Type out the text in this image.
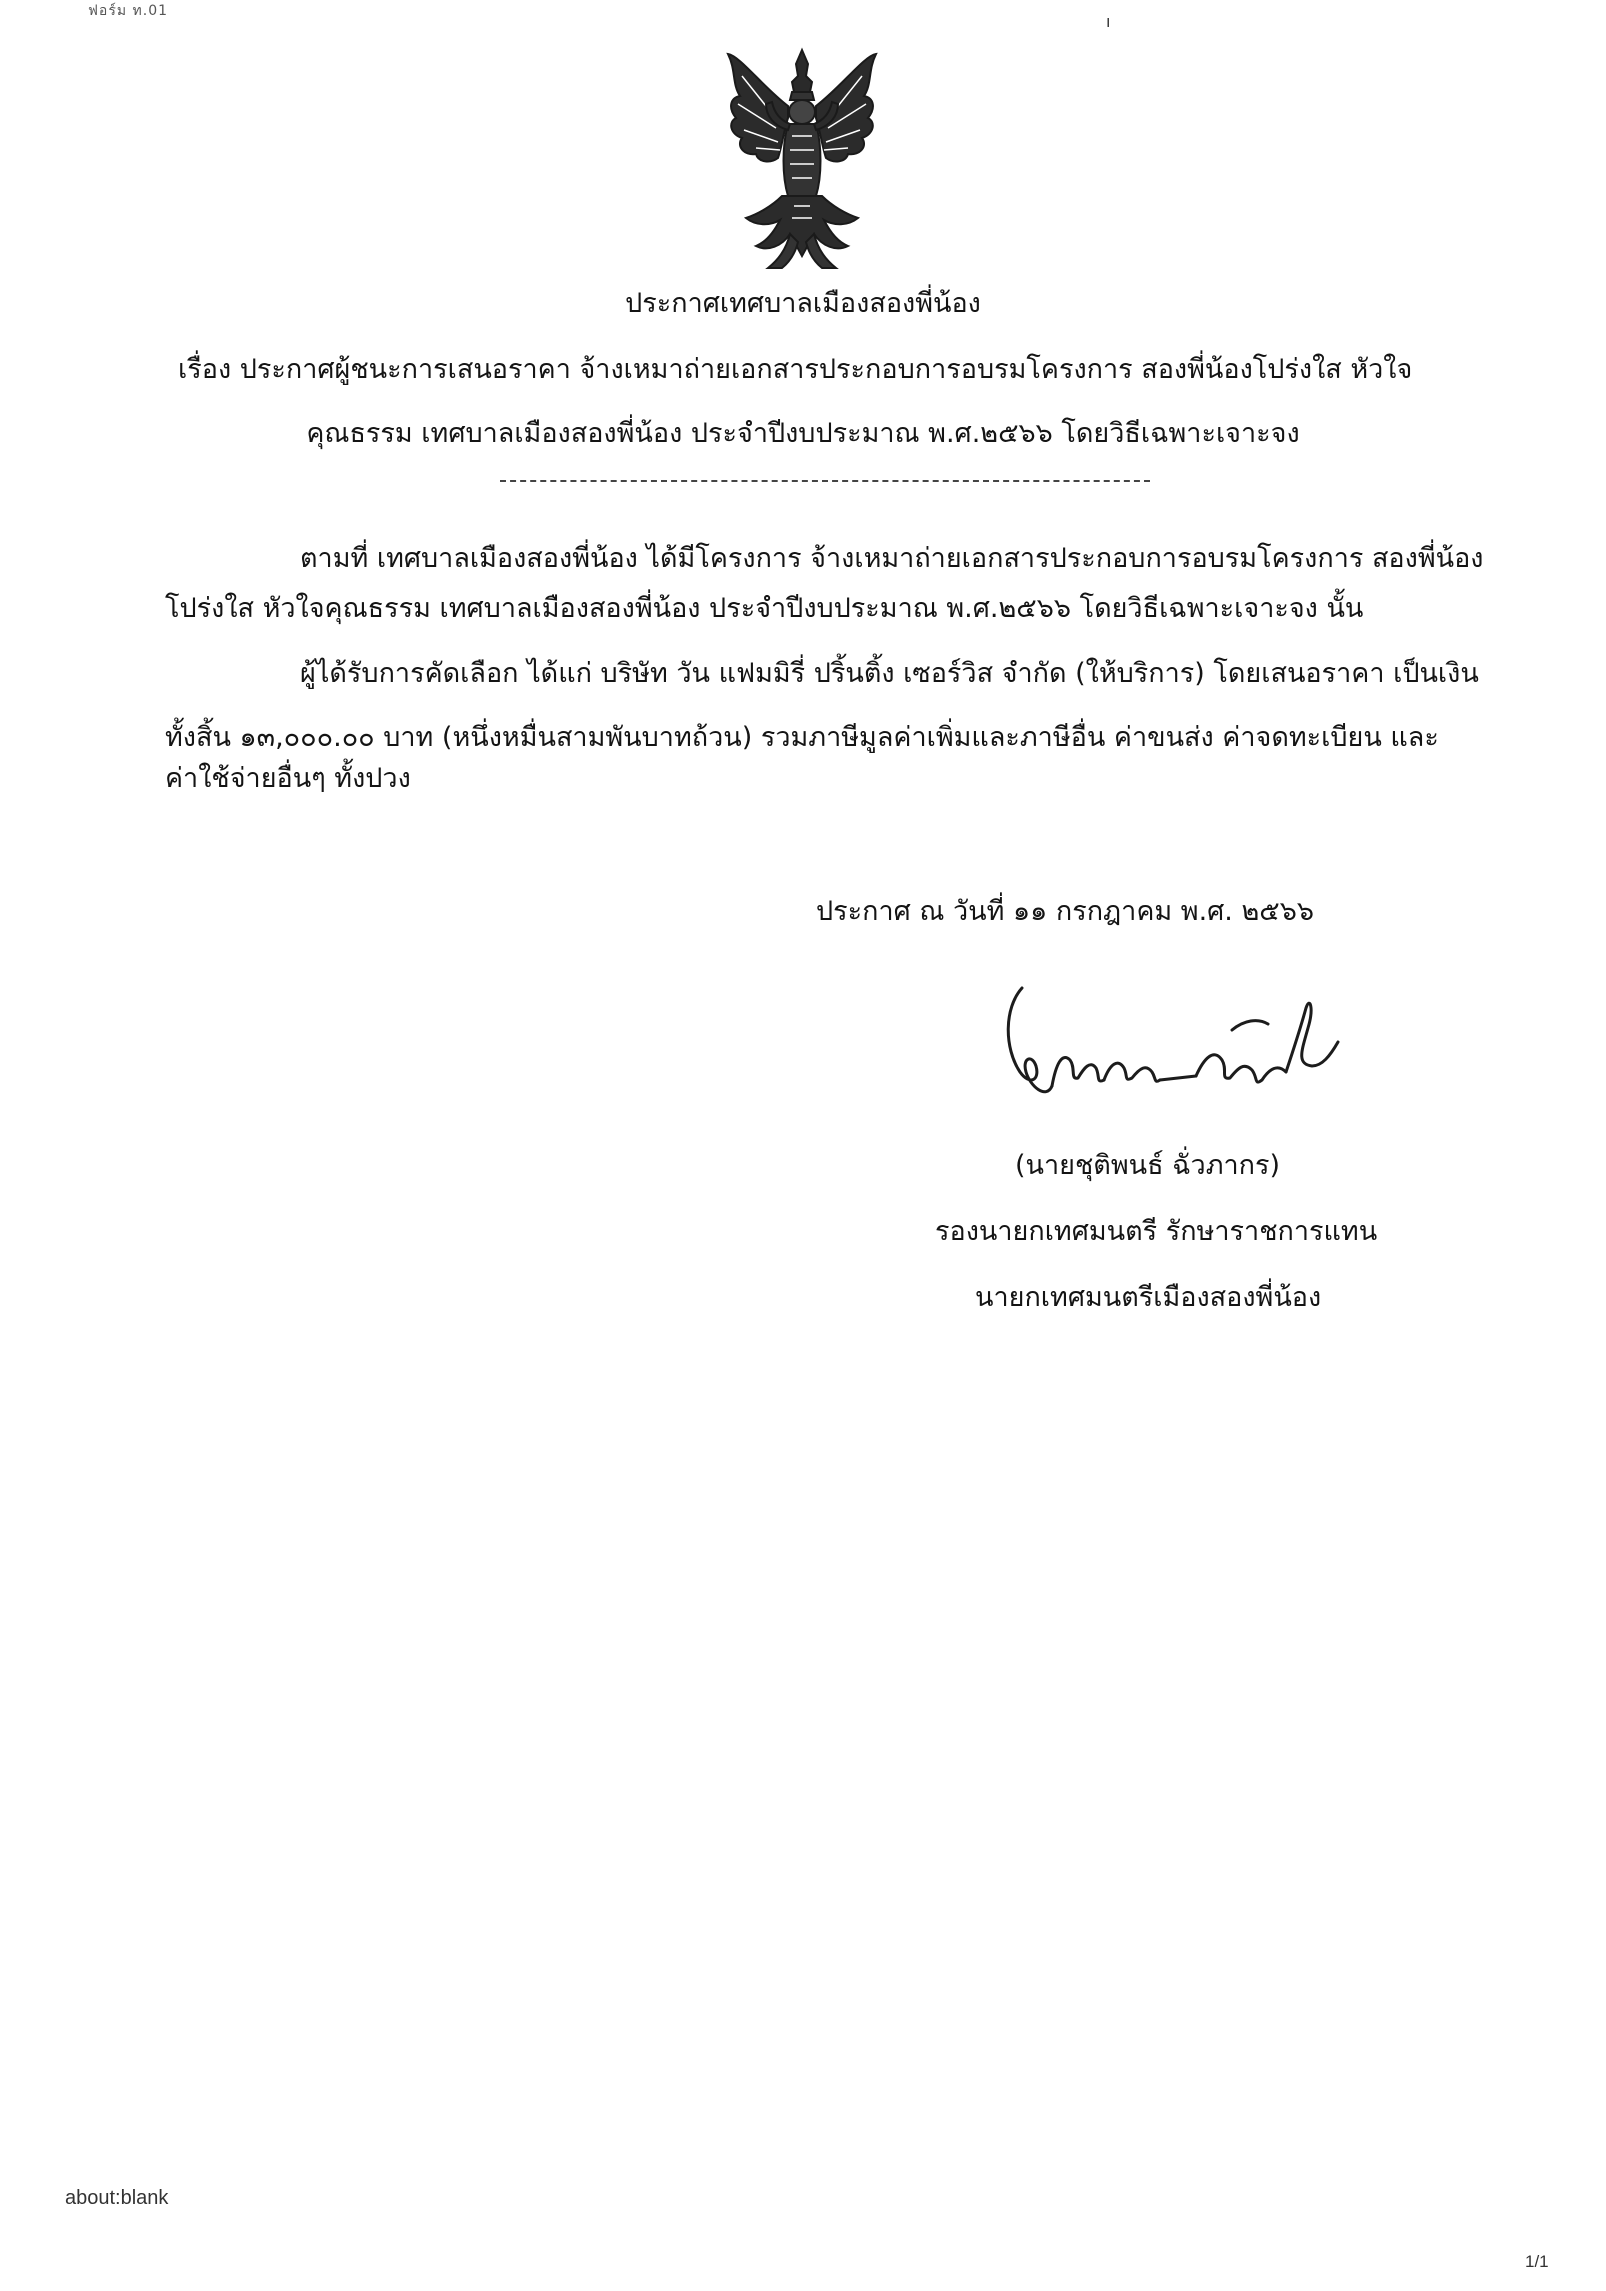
ฟอร์ม ท.01
ı
ประกาศเทศบาลเมืองสองพี่น้อง
เรื่อง ประกาศผู้ชนะการเสนอราคา จ้างเหมาถ่ายเอกสารประกอบการอบรมโครงการ สองพี่น้องโปร่งใส หัวใจ
คุณธรรม เทศบาลเมืองสองพี่น้อง ประจำปีงบประมาณ พ.ศ.๒๕๖๖ โดยวิธีเฉพาะเจาะจง
ตามที่ เทศบาลเมืองสองพี่น้อง ได้มีโครงการ จ้างเหมาถ่ายเอกสารประกอบการอบรมโครงการ สองพี่น้อง
โปร่งใส หัวใจคุณธรรม เทศบาลเมืองสองพี่น้อง ประจำปีงบประมาณ พ.ศ.๒๕๖๖ โดยวิธีเฉพาะเจาะจง นั้น
ผู้ได้รับการคัดเลือก ได้แก่ บริษัท วัน แฟมมิรี่ ปริ้นติ้ง เซอร์วิส จำกัด (ให้บริการ) โดยเสนอราคา เป็นเงิน
ทั้งสิ้น ๑๓,๐๐๐.๐๐ บาท (หนึ่งหมื่นสามพันบาทถ้วน) รวมภาษีมูลค่าเพิ่มและภาษีอื่น ค่าขนส่ง ค่าจดทะเบียน และ
ค่าใช้จ่ายอื่นๆ ทั้งปวง
ประกาศ ณ วันที่ ๑๑ กรกฎาคม พ.ศ. ๒๕๖๖
(นายชุติพนธ์ ฉั่วภากร)
รองนายกเทศมนตรี รักษาราชการแทน
นายกเทศมนตรีเมืองสองพี่น้อง
about:blank
1/1
